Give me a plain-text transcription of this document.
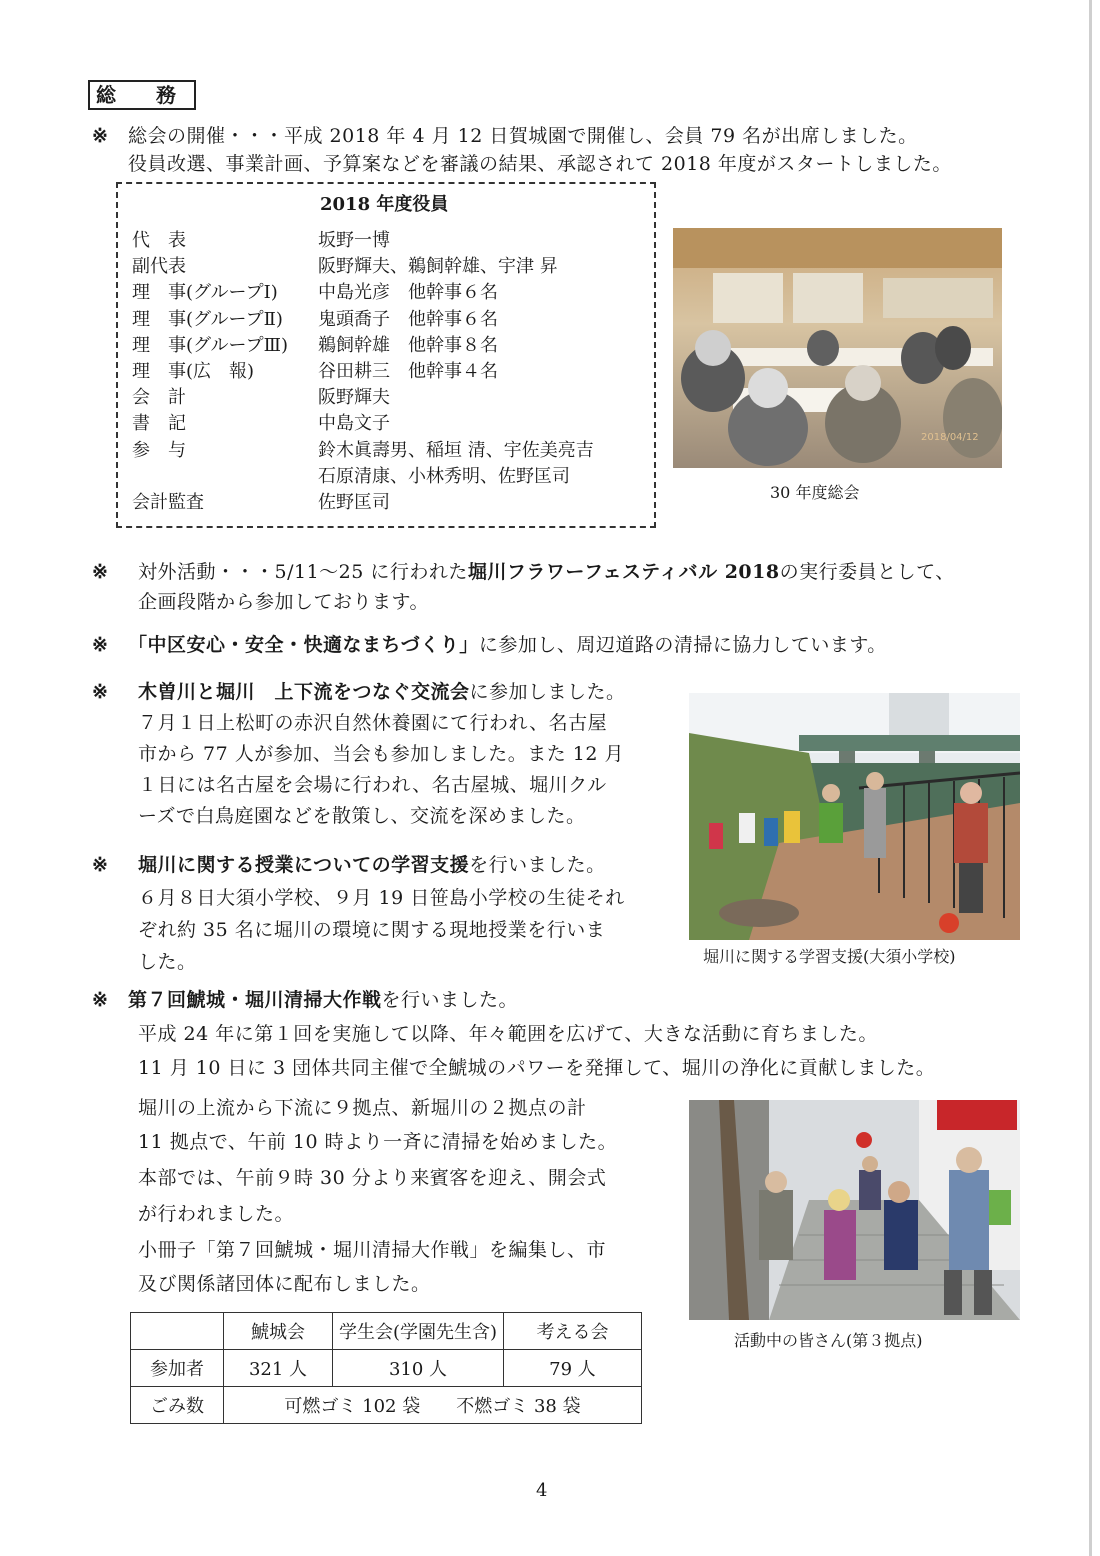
総　務
※ 総会の開催・・・平成 2018 年 4 月 12 日賀城園で開催し、会員 79 名が出席しました。
役員改選、事業計画、予算案などを審議の結果、承認されて 2018 年度がスタートしました。
2018 年度役員
代　表	坂野一博
副代表	阪野輝夫、鵜飼幹雄、宇津 昇
理　事(グループⅠ) 中島光彦　他幹事６名
理　事(グループⅡ) 鬼頭喬子　他幹事６名
理　事(グループⅢ) 鵜飼幹雄　他幹事８名
理　事(広　報)	谷田耕三　他幹事４名
会　計	阪野輝夫
書　記	中島文子
参　与	鈴木眞壽男、稲垣 清、宇佐美亮吉
石原清康、小林秀明、佐野匡司
会計監査	佐野匡司
2018/04/12
30 年度総会
※ 対外活動・・・5/11～25 に行われた堀川フラワーフェスティバル 2018の実行委員として、
企画段階から参加しております。
※ 「中区安心・安全・快適なまちづくり」に参加し、周辺道路の清掃に協力しています。
※ 木曽川と堀川　上下流をつなぐ交流会に参加しました。
７月１日上松町の赤沢自然休養園にて行われ、名古屋
市から 77 人が参加、当会も参加しました。また 12 月
１日には名古屋を会場に行われ、名古屋城、堀川クル
ーズで白鳥庭園などを散策し、交流を深めました。
※ 堀川に関する授業についての学習支援を行いました。
６月８日大須小学校、９月 19 日笹島小学校の生徒それ
ぞれ約 35 名に堀川の環境に関する現地授業を行いま
した。	堀川に関する学習支援(大須小学校)
※ 第７回鯱城・堀川清掃大作戦を行いました。
平成 24 年に第１回を実施して以降、年々範囲を広げて、大きな活動に育ちました。
11 月 10 日に 3 団体共同主催で全鯱城のパワーを発揮して、堀川の浄化に貢献しました。
堀川の上流から下流に９拠点、新堀川の２拠点の計
11 拠点で、午前 10 時より一斉に清掃を始めました。
本部では、午前９時 30 分より来賓客を迎え、開会式
が行われました。
小冊子「第７回鯱城・堀川清掃大作戦」を編集し、市
及び関係諸団体に配布しました。
活動中の皆さん(第３拠点)
	鯱城会	学生会(学園先生含)	考える会
参加者	321 人	310 人	79 人
ごみ数	可燃ゴミ 102 袋　　不燃ゴミ 38 袋		
4
